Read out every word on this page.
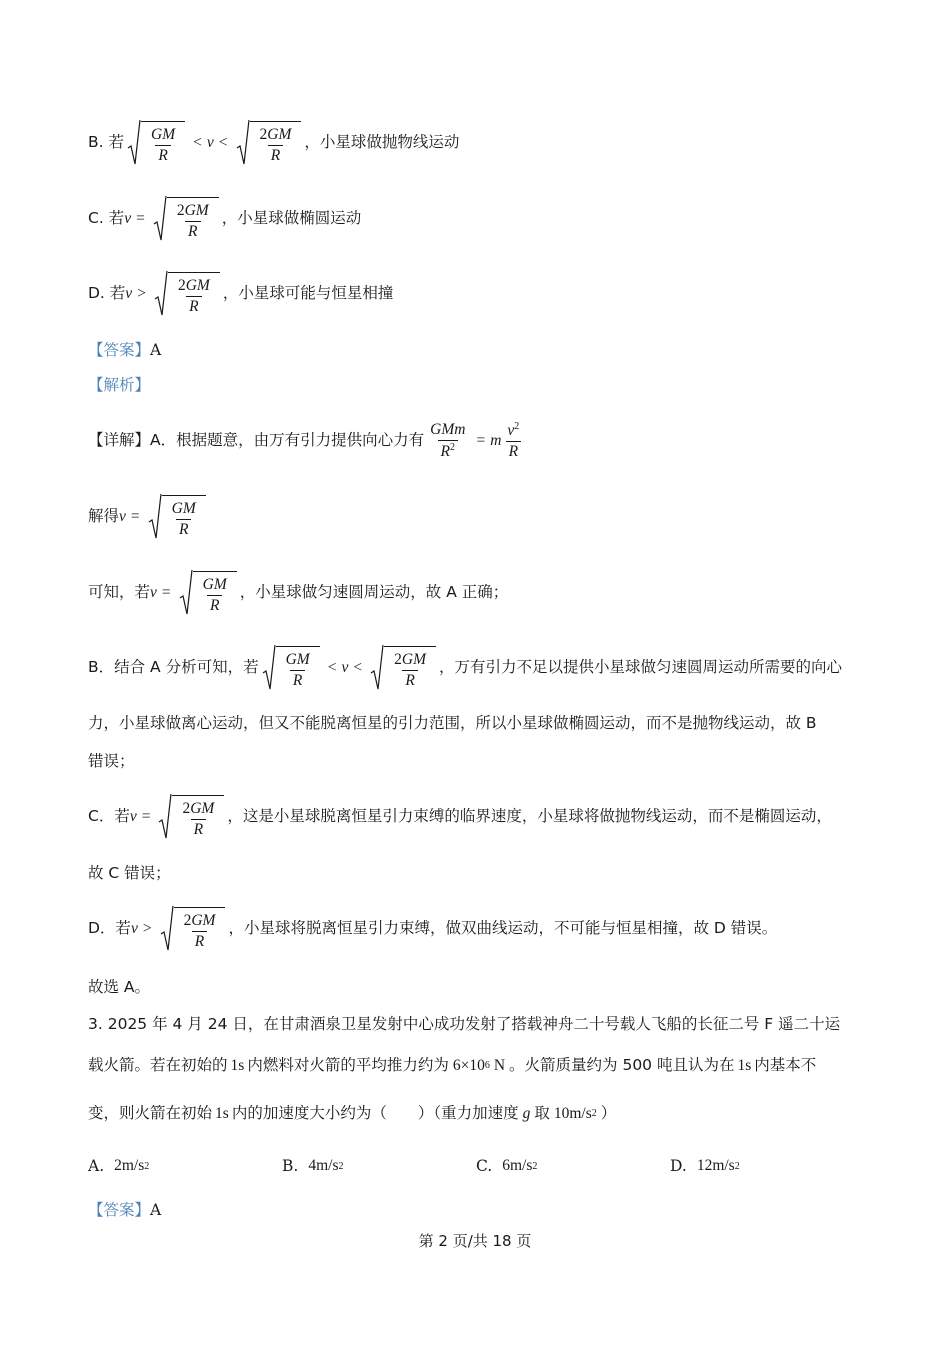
B. 若 $\frac{GM}{R} < v < \frac{2GM}{R}$ ，小星球做抛物线运动
C. 若 $v = \frac{2GM}{R}$ ，小星球做椭圆运动
D. 若 $v > \frac{2GM}{R}$ ，小星球可能与恒星相撞
【答案】 A
【解析】
【详解】 A．根据题意，由万有引力提供向心力有 $\frac{\text{GMm}}{R^2} = m \frac{v^2}{R}$
解得 $v = \frac{GM}{R}$
可知，若 $v = \frac{GM}{R}$ ，小星球做匀速圆周运动，故 A 正确；
B．结合 A 分析可知，若 $\frac{GM}{R} < v < \frac{2GM}{R}$ ，万有引力不足以提供小星球做匀速圆周运动所需要的向心
力，小星球做离心运动，但又不能脱离恒星的引力范围，所以小星球做椭圆运动，而不是抛物线运动，故 B
错误；
C．若 $v = \frac{2GM}{R}$ ，这是小星球脱离恒星引力束缚的临界速度，小星球将做抛物线运动，而不是椭圆运动，
故 C 错误；
D．若 $v > \frac{2GM}{R}$ ，小星球将脱离恒星引力束缚，做双曲线运动，不可能与恒星相撞，故 D 错误。
故选 A。
3. 2025 年 4 月 24 日，在甘肃酒泉卫星发射中心成功发射了搭载神舟二十号载人飞船的长征二号 F 遥二十运
载火箭。若在初始的 1s 内燃料对火箭的平均推力约为 6×10 6 N 。火箭质量约为 500 吨且认为在 1s 内基本不
变，则火箭在初始 1s 内的加速度大小约为（　　）（重力加速度 g 取 10m/s 2 ）
A. 2m/s 2	B. 4m/s 2	C. 6m/s 2	D. 12m/s 2
【答案】 A
第 2 页/共 18 页
